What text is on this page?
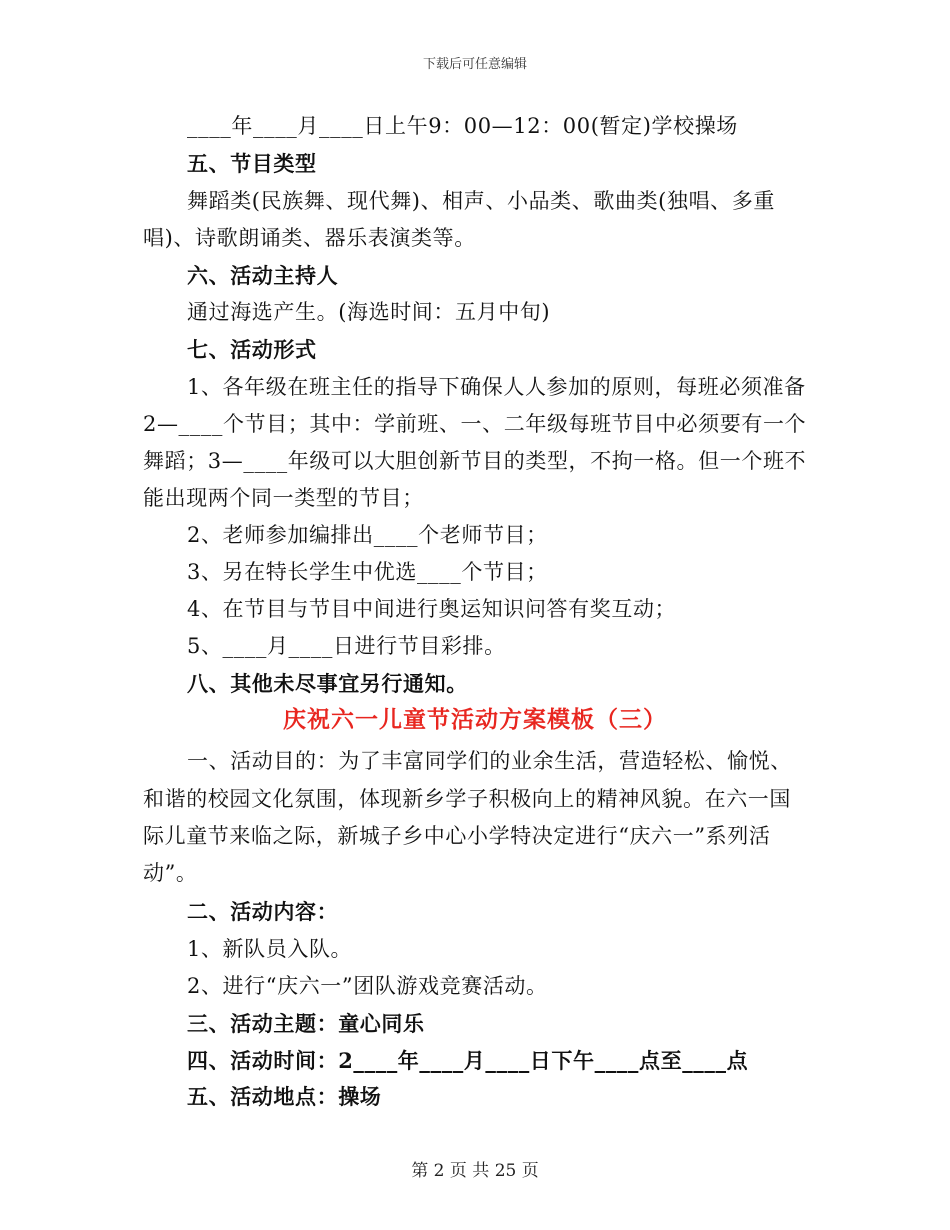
下载后可任意编辑
____年____月____日上午9：00—12：00(暂定)学校操场
五、节目类型
舞蹈类(民族舞、现代舞)、相声、小品类、歌曲类(独唱、多重
唱)、诗歌朗诵类、器乐表演类等。
六、活动主持人
通过海选产生。(海选时间：五月中旬)
七、活动形式
1、各年级在班主任的指导下确保人人参加的原则，每班必须准备
2—____个节目；其中：学前班、一、二年级每班节目中必须要有一个
舞蹈；3—____年级可以大胆创新节目的类型，不拘一格。但一个班不
能出现两个同一类型的节目；
2、老师参加编排出____个老师节目；
3、另在特长学生中优选____个节目；
4、在节目与节目中间进行奥运知识问答有奖互动；
5、____月____日进行节目彩排。
八、其他未尽事宜另行通知。
庆祝六一儿童节活动方案模板（三）
一、活动目的：为了丰富同学们的业余生活，营造轻松、愉悦、
和谐的校园文化氛围，体现新乡学子积极向上的精神风貌。在六一国
际儿童节来临之际，新城子乡中心小学特决定进行“庆六一”系列活
动”。
二、活动内容：
1、新队员入队。
2、进行“庆六一”团队游戏竞赛活动。
三、活动主题：童心同乐
四、活动时间：2____年____月____日下午____点至____点
五、活动地点：操场
第 2 页 共 25 页
